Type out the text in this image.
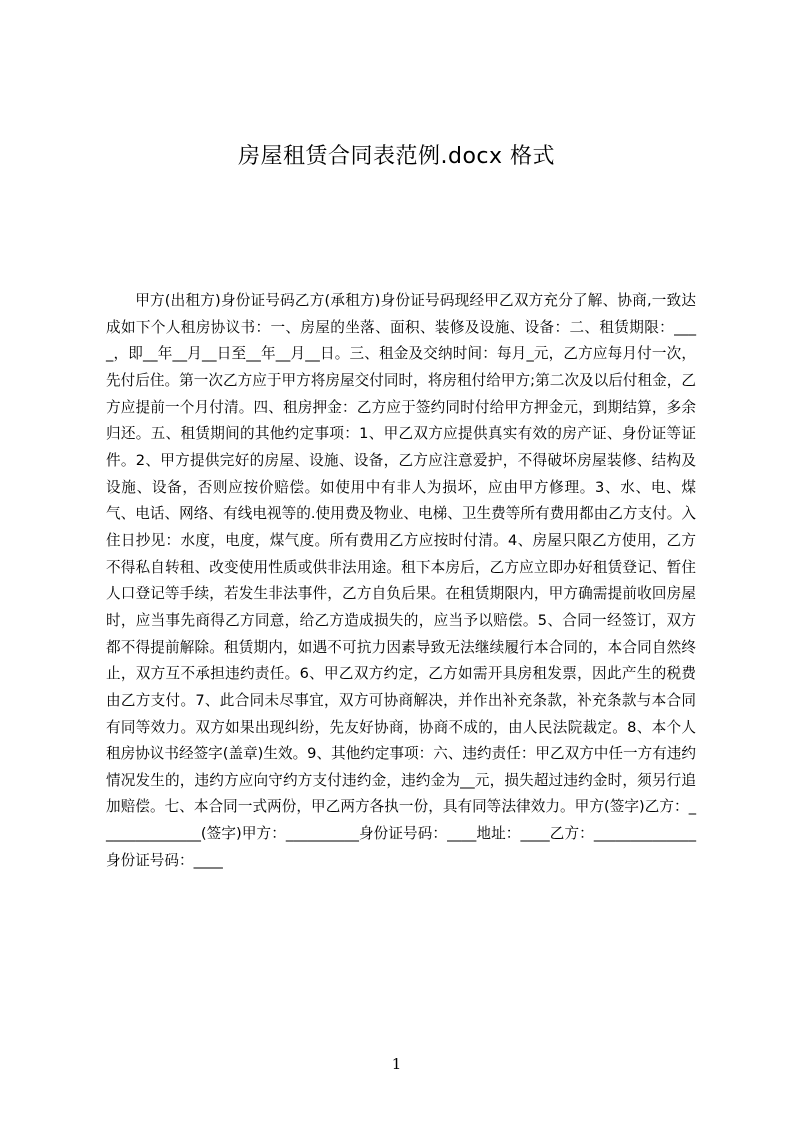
房屋租赁合同表范例.docx 格式

甲方(出租方)身份证号码乙方(承租方)身份证号码现经甲乙双方充分了解、协商,一致达成如下个人租房协议书：一、房屋的坐落、面积、装修及设施、设备：二、租赁期限：____，即__年__月__日至__年__月__日。三、租金及交纳时间：每月_元，乙方应每月付一次，先付后住。第一次乙方应于甲方将房屋交付同时，将房租付给甲方;第二次及以后付租金，乙方应提前一个月付清。四、租房押金：乙方应于签约同时付给甲方押金元，到期结算，多余归还。五、租赁期间的其他约定事项：1、甲乙双方应提供真实有效的房产证、身份证等证件。2、甲方提供完好的房屋、设施、设备，乙方应注意爱护，不得破坏房屋装修、结构及设施、设备，否则应按价赔偿。如使用中有非人为损坏，应由甲方修理。3、水、电、煤气、电话、网络、有线电视等的.使用费及物业、电梯、卫生费等所有费用都由乙方支付。入住日抄见：水度，电度，煤气度。所有费用乙方应按时付清。4、房屋只限乙方使用，乙方不得私自转租、改变使用性质或供非法用途。租下本房后，乙方应立即办好租赁登记、暂住人口登记等手续，若发生非法事件，乙方自负后果。在租赁期限内，甲方确需提前收回房屋时，应当事先商得乙方同意，给乙方造成损失的，应当予以赔偿。5、合同一经签订，双方都不得提前解除。租赁期内，如遇不可抗力因素导致无法继续履行本合同的，本合同自然终止，双方互不承担违约责任。6、甲乙双方约定，乙方如需开具房租发票，因此产生的税费由乙方支付。7、此合同未尽事宜，双方可协商解决，并作出补充条款，补充条款与本合同有同等效力。双方如果出现纠纷，先友好协商，协商不成的，由人民法院裁定。8、本个人租房协议书经签字(盖章)生效。9、其他约定事项：六、违约责任：甲乙双方中任一方有违约情况发生的，违约方应向守约方支付违约金，违约金为__元，损失超过违约金时，须另行追加赔偿。七、本合同一式两份，甲乙两方各执一份，具有同等法律效力。甲方(签字)乙方：______________(签字)甲方：__________身份证号码：____地址：____乙方：______________身份证号码：____

1
